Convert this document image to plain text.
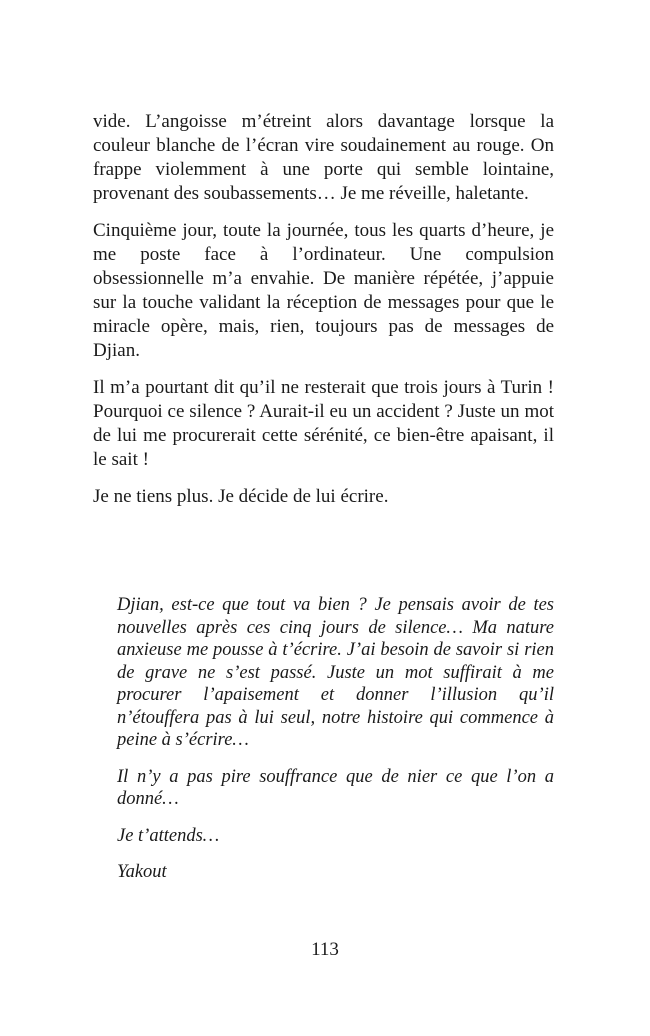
vide. L’angoisse m’étreint alors davantage lorsque la couleur blanche de l’écran vire soudainement au rouge. On frappe violemment à une porte qui semble lointaine, provenant des soubassements… Je me réveille, haletante.

Cinquième jour, toute la journée, tous les quarts d’heure, je me poste face à l’ordinateur. Une compulsion obsessionnelle m’a envahie. De manière répétée, j’appuie sur la touche validant la réception de messages pour que le miracle opère, mais, rien, toujours pas de messages de Djian.

Il m’a pourtant dit qu’il ne resterait que trois jours à Turin ! Pourquoi ce silence ? Aurait-il eu un accident ? Juste un mot de lui me procurerait cette sérénité, ce bien-être apaisant, il le sait !

Je ne tiens plus. Je décide de lui écrire.

Djian, est-ce que tout va bien ? Je pensais avoir de tes nouvelles après ces cinq jours de silence… Ma nature anxieuse me pousse à t’écrire. J’ai besoin de savoir si rien de grave ne s’est passé. Juste un mot suffirait à me procurer l’apaisement et donner l’illusion qu’il n’étouffera pas à lui seul, notre histoire qui commence à peine à s’écrire…

Il n’y a pas pire souffrance que de nier ce que l’on a donné…

Je t’attends…

Yakout

113
